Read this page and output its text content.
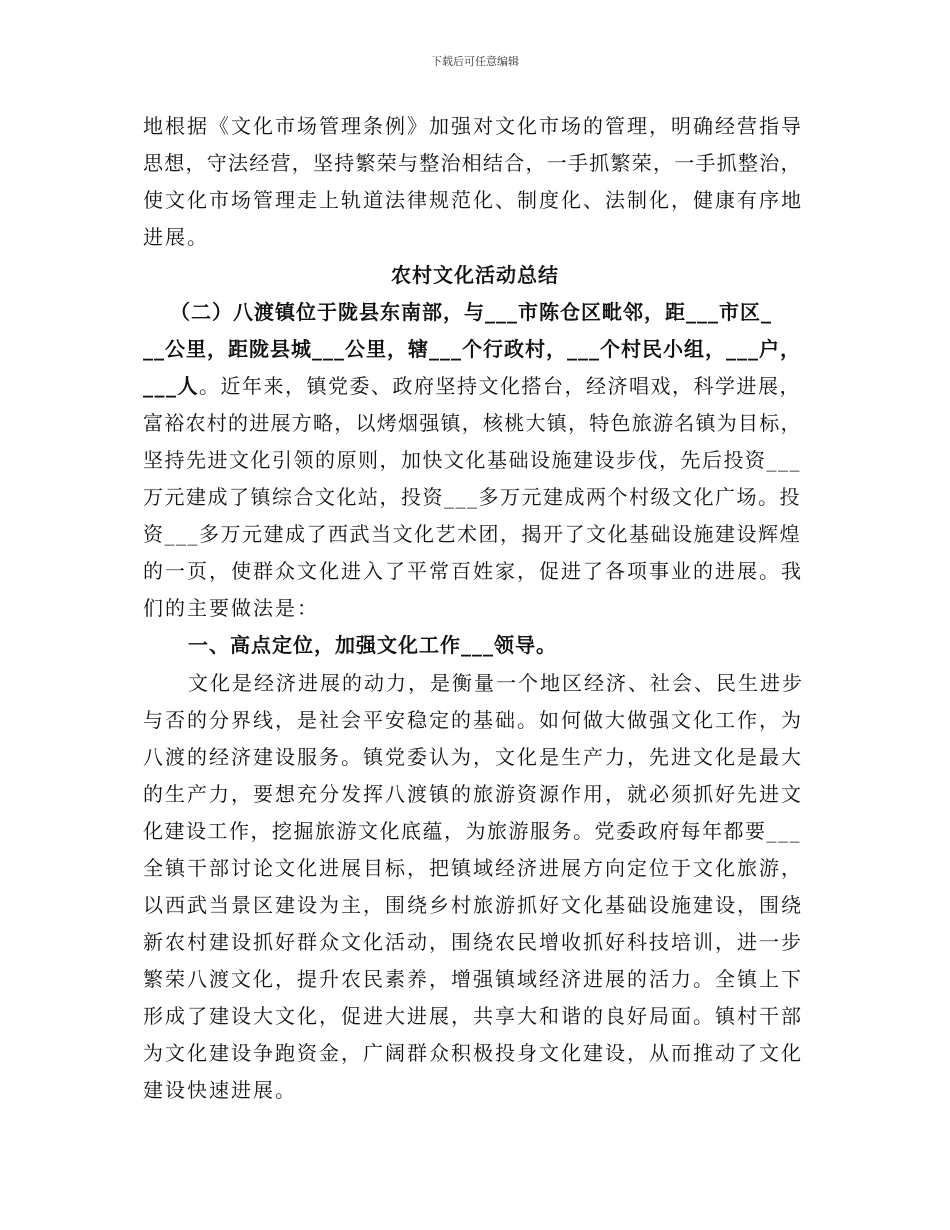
下载后可任意编辑
地根据《文化市场管理条例》加强对文化市场的管理，明确经营指导
思想，守法经营，坚持繁荣与整治相结合，一手抓繁荣，一手抓整治，
使文化市场管理走上轨道法律规范化、制度化、法制化，健康有序地
进展。
农村文化活动总结
（二）八渡镇位于陇县东南部，与___市陈仓区毗邻，距___市区_
__公里，距陇县城___公里，辖___个行政村，___个村民小组，___户，
___人。近年来，镇党委、政府坚持文化搭台，经济唱戏，科学进展，
富裕农村的进展方略，以烤烟强镇，核桃大镇，特色旅游名镇为目标，
坚持先进文化引领的原则，加快文化基础设施建设步伐，先后投资___
万元建成了镇综合文化站，投资___多万元建成两个村级文化广场。投
资___多万元建成了西武当文化艺术团，揭开了文化基础设施建设辉煌
的一页，使群众文化进入了平常百姓家，促进了各项事业的进展。我
们的主要做法是：
一、高点定位，加强文化工作___领导。
文化是经济进展的动力，是衡量一个地区经济、社会、民生进步
与否的分界线，是社会平安稳定的基础。如何做大做强文化工作，为
八渡的经济建设服务。镇党委认为，文化是生产力，先进文化是最大
的生产力，要想充分发挥八渡镇的旅游资源作用，就必须抓好先进文
化建设工作，挖掘旅游文化底蕴，为旅游服务。党委政府每年都要___
全镇干部讨论文化进展目标，把镇域经济进展方向定位于文化旅游，
以西武当景区建设为主，围绕乡村旅游抓好文化基础设施建设，围绕
新农村建设抓好群众文化活动，围绕农民增收抓好科技培训，进一步
繁荣八渡文化，提升农民素养，增强镇域经济进展的活力。全镇上下
形成了建设大文化，促进大进展，共享大和谐的良好局面。镇村干部
为文化建设争跑资金，广阔群众积极投身文化建设，从而推动了文化
建设快速进展。
